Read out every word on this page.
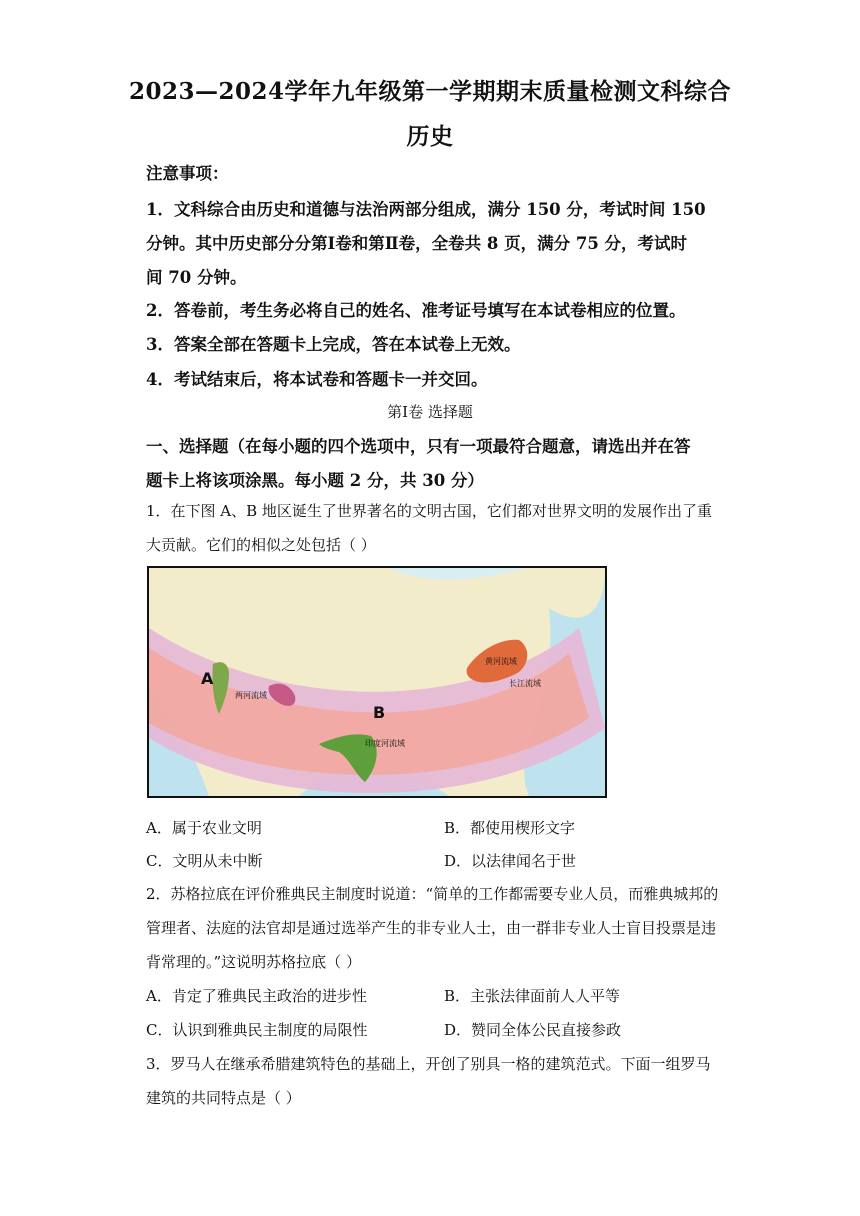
2023—2024学年九年级第一学期期末质量检测文科综合
历史
注意事项：
1．文科综合由历史和道德与法治两部分组成，满分 150 分，考试时间 150
分钟。其中历史部分分第Ⅰ卷和第Ⅱ卷，全卷共 8 页，满分 75 分，考试时
间 70 分钟。
2．答卷前，考生务必将自己的姓名、准考证号填写在本试卷相应的位置。
3．答案全部在答题卡上完成，答在本试卷上无效。
4．考试结束后，将本试卷和答题卡一并交回。
第Ⅰ卷 选择题
一、选择题（在每小题的四个选项中，只有一项最符合题意，请选出并在答
题卡上将该项涂黑。每小题 2 分，共 30 分）
1．在下图 A、B 地区诞生了世界著名的文明古国，它们都对世界文明的发展作出了重
大贡献。它们的相似之处包括（ ）
A
B
两河流域
印度河流域
黄河流域
长江流域
A．属于农业文明	B．都使用楔形文字
C．文明从未中断	D．以法律闻名于世
2．苏格拉底在评价雅典民主制度时说道：“简单的工作都需要专业人员，而雅典城邦的
管理者、法庭的法官却是通过选举产生的非专业人士，由一群非专业人士盲目投票是违
背常理的。”这说明苏格拉底（ ）
A．肯定了雅典民主政治的进步性	B．主张法律面前人人平等
C．认识到雅典民主制度的局限性	D．赞同全体公民直接参政
3．罗马人在继承希腊建筑特色的基础上，开创了别具一格的建筑范式。下面一组罗马
建筑的共同特点是（ ）
